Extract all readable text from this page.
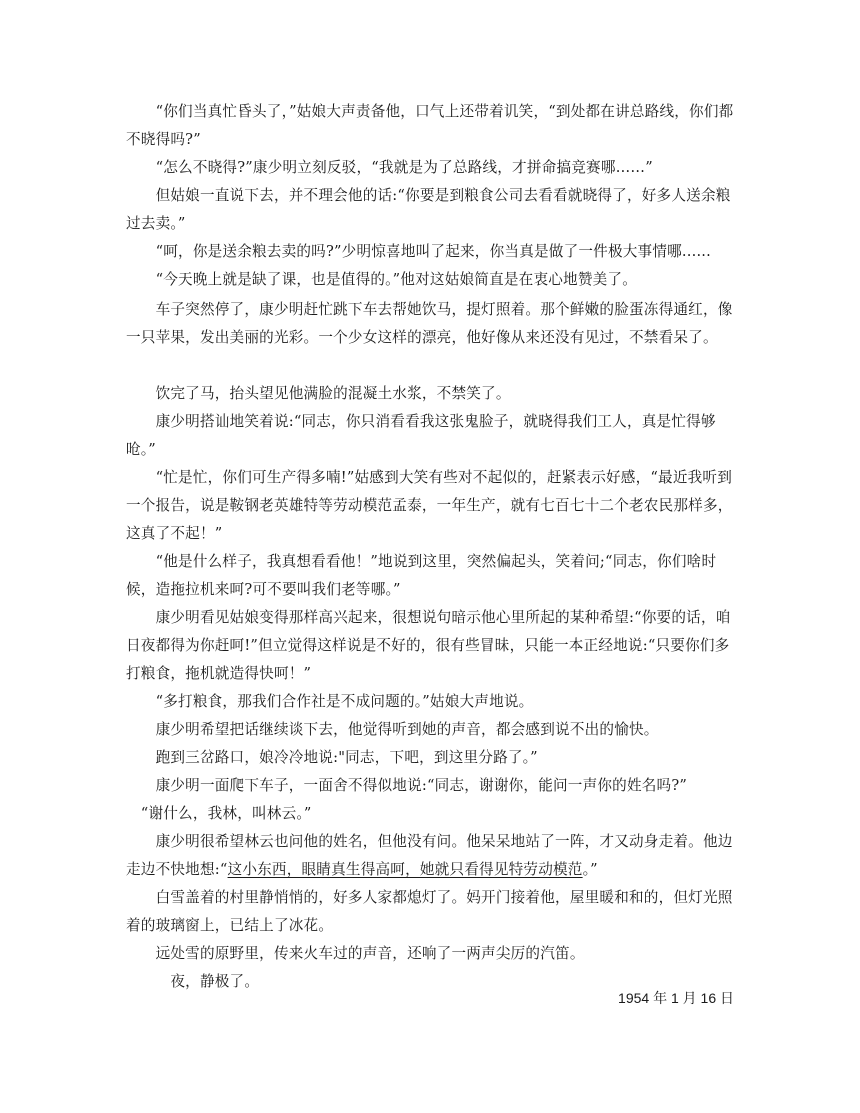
　　“你们当真忙昏头了，”姑娘大声责备他，口气上还带着讥笑，“到处都在讲总路线，你们都不晓得吗?”

　　“怎么不晓得?”康少明立刻反驳，“我就是为了总路线，才拼命搞竞赛哪……”

　　但姑娘一直说下去，并不理会他的话:“你要是到粮食公司去看看就晓得了，好多人送余粮过去卖。”

　　“呵，你是送余粮去卖的吗?”少明惊喜地叫了起来，你当真是做了一件极大事情哪......

　　“今天晚上就是缺了课，也是值得的。”他对这姑娘简直是在衷心地赞美了。

　　车子突然停了，康少明赶忙跳下车去帮她饮马，提灯照着。那个鲜嫩的脸蛋冻得通红，像一只苹果，发出美丽的光彩。一个少女这样的漂亮，他好像从来还没有见过，不禁看呆了。

　　饮完了马，抬头望见他满脸的混凝土水浆，不禁笑了。

　　康少明搭讪地笑着说:“同志，你只消看看我这张鬼脸子，就晓得我们工人，真是忙得够呛。”

　　“忙是忙，你们可生产得多喃!”姑感到大笑有些对不起似的，赶紧表示好感，“最近我听到一个报告，说是鞍钢老英雄特等劳动模范孟泰，一年生产，就有七百七十二个老农民那样多，这真了不起！”

　　“他是什么样子，我真想看看他！”地说到这里，突然偏起头，笑着问;“同志，你们啥时候，造拖拉机来呵?可不要叫我们老等哪。”

　　康少明看见姑娘变得那样高兴起来，很想说句暗示他心里所起的某种希望:“你要的话，咱日夜都得为你赶呵!”但立觉得这样说是不好的，很有些冒昧，只能一本正经地说:“只要你们多打粮食，拖机就造得快呵！”

　　“多打粮食，那我们合作社是不成问题的。”姑娘大声地说。

　　康少明希望把话继续谈下去，他觉得听到她的声音，都会感到说不出的愉快。

　　跑到三岔路口，娘冷冷地说:"同志，下吧，到这里分路了。”

　　康少明一面爬下车子，一面舍不得似地说:“同志，谢谢你，能问一声你的姓名吗?”

　“谢什么，我林，叫林云。”

　　康少明很希望林云也问他的姓名，但他没有问。他呆呆地站了一阵，才又动身走着。他边走边不快地想:“这小东西，眼睛真生得高呵，她就只看得见特劳动模范。”

　　白雪盖着的村里静悄悄的，好多人家都熄灯了。妈开门接着他，屋里暖和和的，但灯光照着的玻璃窗上，已结上了冰花。

　　远处雪的原野里，传来火车过的声音，还响了一两声尖厉的汽笛。

　　　夜，静极了。

1954 年 1 月 16 日
